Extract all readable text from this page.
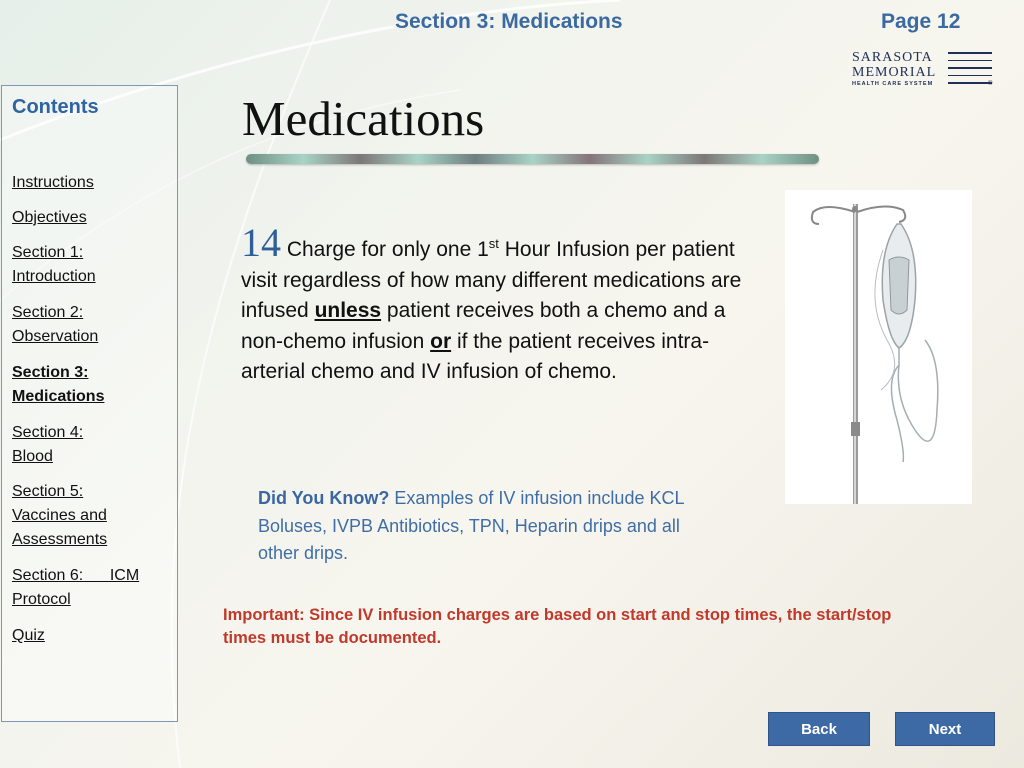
Section 3: Medications	Page 12
SARASOTA
MEMORIAL
HEALTH CARE SYSTEM	®
Contents
Instructions
Objectives
Section 1:
Introduction
Section 2:
Observation
Section 3:
Medications
Section 4:
Blood
Section 5:
Vaccines and
Assessments
Section 6:      ICM
Protocol
Quiz
Medications
14 Charge for only one 1st Hour Infusion per patient visit regardless of how many different medications are infused unless patient receives both a chemo and a non-chemo infusion or if the patient receives intra-arterial chemo and IV infusion of chemo.
Did You Know? Examples of IV infusion include KCL Boluses, IVPB Antibiotics, TPN, Heparin drips and all other drips.
Important: Since IV infusion charges are based on start and stop times, the start/stop times must be documented.
Back	Next
